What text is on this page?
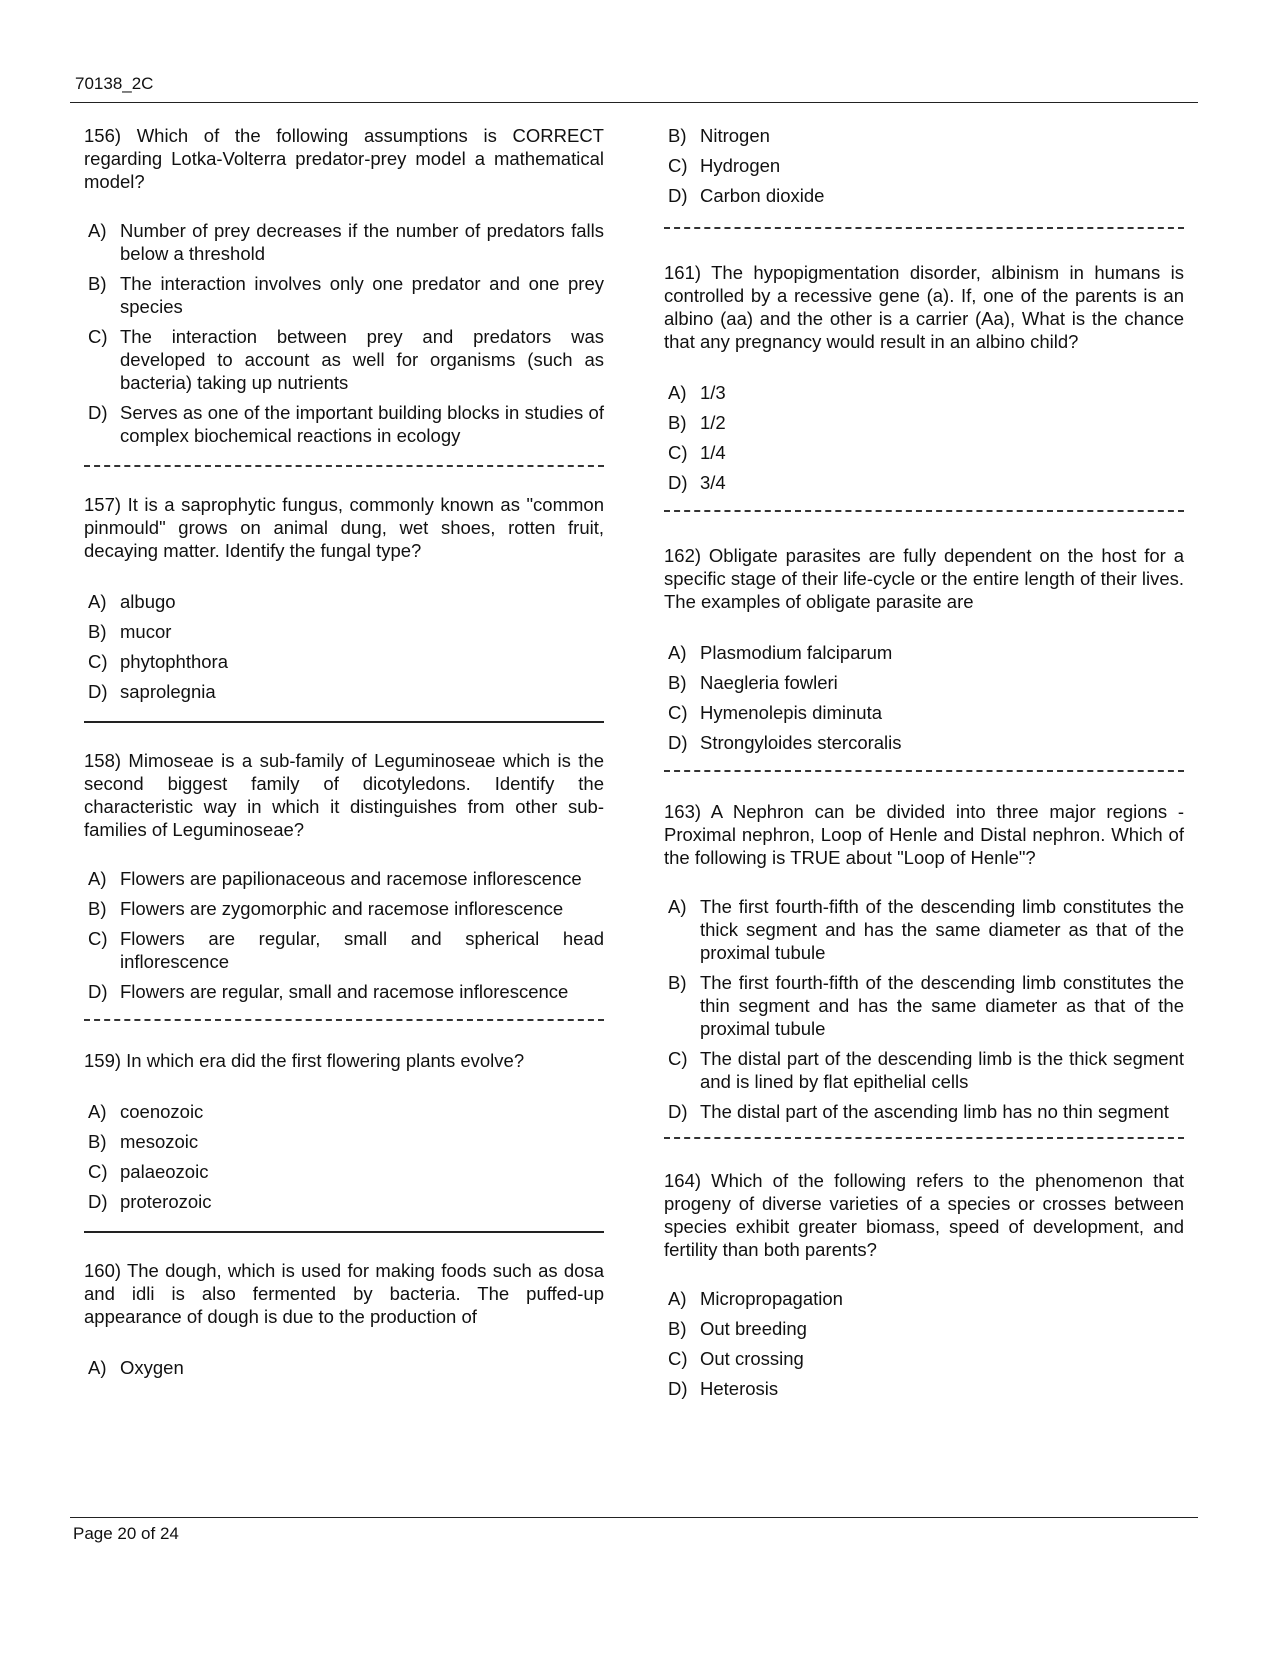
70138_2C

156) Which of the following assumptions is CORRECT regarding Lotka-Volterra predator-prey model a mathematical model?

A) Number of prey decreases if the number of predators falls below a threshold
B) The interaction involves only one predator and one prey species
C) The interaction between prey and predators was developed to account as well for organisms (such as bacteria) taking up nutrients
D) Serves as one of the important building blocks in studies of complex biochemical reactions in ecology

157) It is a saprophytic fungus, commonly known as "common pinmould" grows on animal dung, wet shoes, rotten fruit, decaying matter. Identify the fungal type?

A) albugo
B) mucor
C) phytophthora
D) saprolegnia

158) Mimoseae is a sub-family of Leguminoseae which is the second biggest family of dicotyledons. Identify the characteristic way in which it distinguishes from other sub-families of Leguminoseae?

A) Flowers are papilionaceous and racemose inflorescence
B) Flowers are zygomorphic and racemose inflorescence
C) Flowers are regular, small and spherical head inflorescence
D) Flowers are regular, small and racemose inflorescence

159) In which era did the first flowering plants evolve?

A) coenozoic
B) mesozoic
C) palaeozoic
D) proterozoic

160) The dough, which is used for making foods such as dosa and idli is also fermented by bacteria. The puffed-up appearance of dough is due to the production of

A) Oxygen
B) Nitrogen
C) Hydrogen
D) Carbon dioxide

161) The hypopigmentation disorder, albinism in humans is controlled by a recessive gene (a). If, one of the parents is an albino (aa) and the other is a carrier (Aa), What is the chance that any pregnancy would result in an albino child?

A) 1/3
B) 1/2
C) 1/4
D) 3/4

162) Obligate parasites are fully dependent on the host for a specific stage of their life-cycle or the entire length of their lives. The examples of obligate parasite are

A) Plasmodium falciparum
B) Naegleria fowleri
C) Hymenolepis diminuta
D) Strongyloides stercoralis

163) A Nephron can be divided into three major regions - Proximal nephron, Loop of Henle and Distal nephron. Which of the following is TRUE about "Loop of Henle"?

A) The first fourth-fifth of the descending limb constitutes the thick segment and has the same diameter as that of the proximal tubule
B) The first fourth-fifth of the descending limb constitutes the thin segment and has the same diameter as that of the proximal tubule
C) The distal part of the descending limb is the thick segment and is lined by flat epithelial cells
D) The distal part of the ascending limb has no thin segment

164) Which of the following refers to the phenomenon that progeny of diverse varieties of a species or crosses between species exhibit greater biomass, speed of development, and fertility than both parents?

A) Micropropagation
B) Out breeding
C) Out crossing
D) Heterosis
Page 20 of 24
